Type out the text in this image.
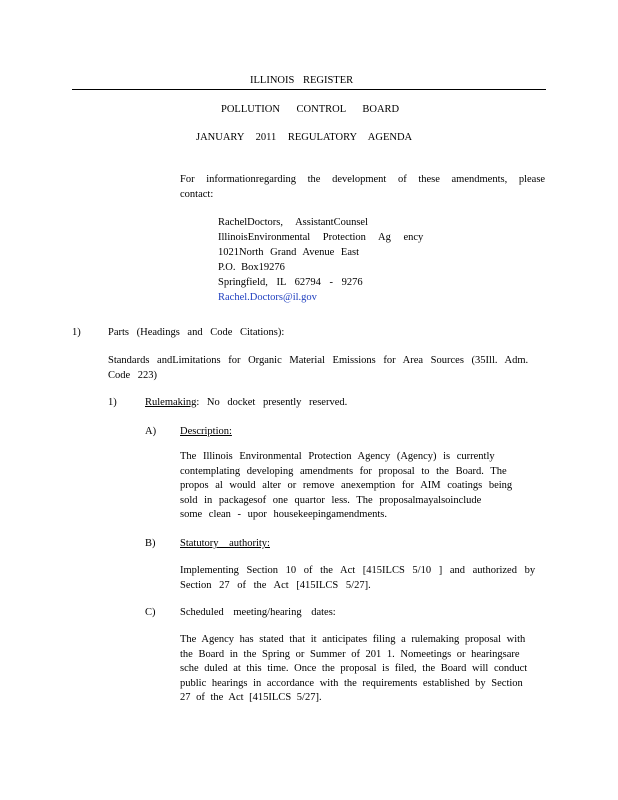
ILLINOIS REGISTER
POLLUTION CONTROL BOARD
JANUARY 2011 REGULATORY AGENDA
For informationregarding the development of these amendments, please
contact:
RachelDoctors, AssistantCounsel
IllinoisEnvironmental Protection Ag ency
1021North Grand Avenue East
P.O. Box19276
Springfield, IL 62794 - 9276
Rachel.Doctors@il.gov
1)	Parts (Headings and Code Citations):
Standards andLimitations for Organic Material Emissions for Area Sources (35Ill. Adm.
Code 223)
1)	Rulemaking: No docket presently reserved.
A) Description:
The Illinois Environmental Protection Agency (Agency) is currently
contemplating developing amendments for proposal to the Board. The
propos al would alter or remove anexemption for AIM coatings being
sold in packagesof one quartor less. The proposalmayalsoinclude
some clean - upor housekeepingamendments.
B) Statutory authority:
Implementing Section 10 of the Act [415ILCS 5/10 ] and authorized by
Section 27 of the Act [415ILCS 5/27].
C) Scheduled meeting/hearing dates:
The Agency has stated that it anticipates filing a rulemaking proposal with
the Board in the Spring or Summer of 201 1. Nomeetings or hearingsare
sche duled at this time. Once the proposal is filed, the Board will conduct
public hearings in accordance with the requirements established by Section
27 of the Act [415ILCS 5/27].
